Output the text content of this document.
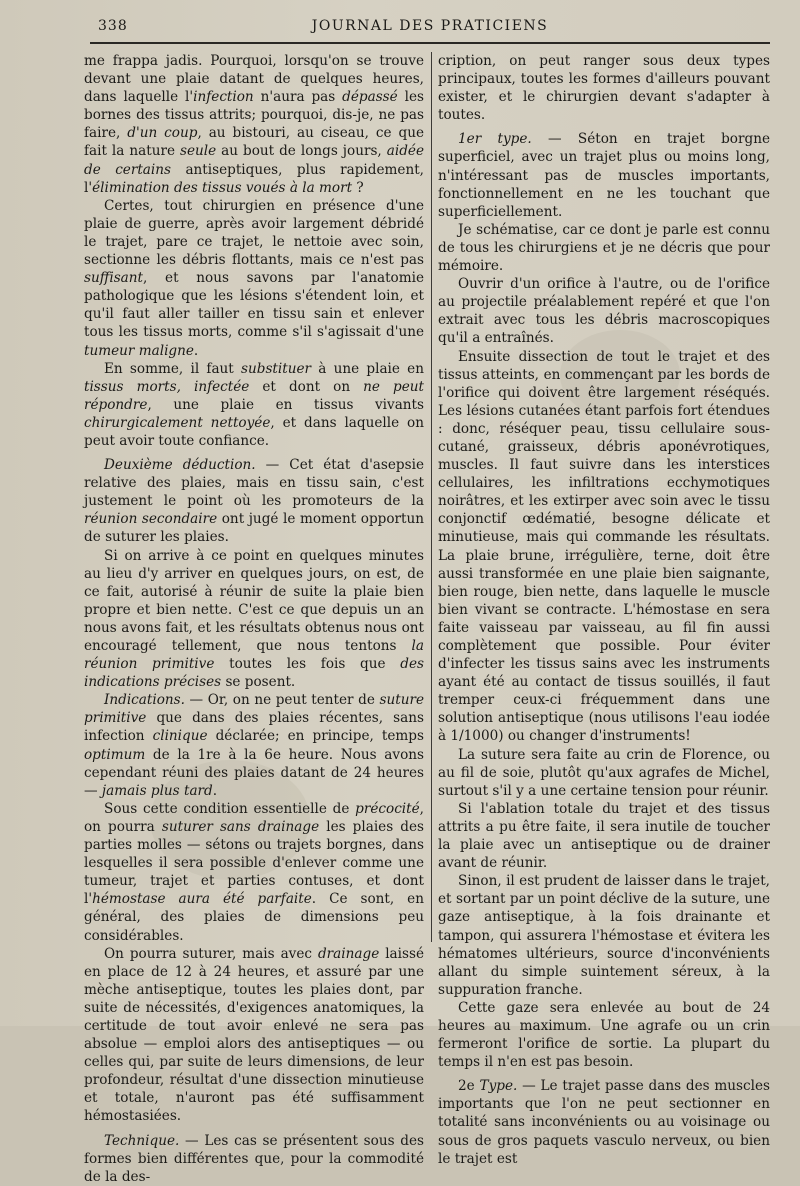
338	JOURNAL DES PRATICIENS

me frappa jadis. Pourquoi, lorsqu'on se trouve devant une plaie datant de quelques heures, dans laquelle l'infection n'aura pas dépassé les bornes des tissus attrits; pourquoi, dis-je, ne pas faire, d'un coup, au bistouri, au ciseau, ce que fait la nature seule au bout de longs jours, aidée de certains antiseptiques, plus rapidement, l'élimination des tissus voués à la mort ?

Certes, tout chirurgien en présence d'une plaie de guerre, après avoir largement débridé le trajet, pare ce trajet, le nettoie avec soin, sectionne les débris flottants, mais ce n'est pas suffisant, et nous savons par l'anatomie pathologique que les lésions s'étendent loin, et qu'il faut aller tailler en tissu sain et enlever tous les tissus morts, comme s'il s'agissait d'une tumeur maligne.

En somme, il faut substituer à une plaie en tissus morts, infectée et dont on ne peut répondre, une plaie en tissus vivants chirurgicalement nettoyée, et dans laquelle on peut avoir toute confiance.

Deuxième déduction. — Cet état d'asepsie relative des plaies, mais en tissu sain, c'est justement le point où les promoteurs de la réunion secondaire ont jugé le moment opportun de suturer les plaies.

Si on arrive à ce point en quelques minutes au lieu d'y arriver en quelques jours, on est, de ce fait, autorisé à réunir de suite la plaie bien propre et bien nette. C'est ce que depuis un an nous avons fait, et les résultats obtenus nous ont encouragé tellement, que nous tentons la réunion primitive toutes les fois que des indications précises se posent.

Indications. — Or, on ne peut tenter de suture primitive que dans des plaies récentes, sans infection clinique déclarée; en principe, temps optimum de la 1re à la 6e heure. Nous avons cependant réuni des plaies datant de 24 heures — jamais plus tard.

Sous cette condition essentielle de précocité, on pourra suturer sans drainage les plaies des parties molles — sétons ou trajets borgnes, dans lesquelles il sera possible d'enlever comme une tumeur, trajet et parties contuses, et dont l'hémostase aura été parfaite. Ce sont, en général, des plaies de dimensions peu considérables.

On pourra suturer, mais avec drainage laissé en place de 12 à 24 heures, et assuré par une mèche antiseptique, toutes les plaies dont, par suite de nécessités, d'exigences anatomiques, la certitude de tout avoir enlevé ne sera pas absolue — emploi alors des antiseptiques — ou celles qui, par suite de leurs dimensions, de leur profondeur, résultat d'une dissection minutieuse et totale, n'auront pas été suffisamment hémostasiées.

Technique. — Les cas se présentent sous des formes bien différentes que, pour la commodité de la des-

cription, on peut ranger sous deux types principaux, toutes les formes d'ailleurs pouvant exister, et le chirurgien devant s'adapter à toutes.

1er type. — Séton en trajet borgne superficiel, avec un trajet plus ou moins long, n'intéressant pas de muscles importants, fonctionnellement en ne les touchant que superficiellement.

Je schématise, car ce dont je parle est connu de tous les chirurgiens et je ne décris que pour mémoire.

Ouvrir d'un orifice à l'autre, ou de l'orifice au projectile préalablement repéré et que l'on extrait avec tous les débris macroscopiques qu'il a entraînés.

Ensuite dissection de tout le trajet et des tissus atteints, en commençant par les bords de l'orifice qui doivent être largement réséqués. Les lésions cutanées étant parfois fort étendues : donc, réséquer peau, tissu cellulaire sous-cutané, graisseux, débris aponévrotiques, muscles. Il faut suivre dans les interstices cellulaires, les infiltrations ecchymotiques noirâtres, et les extirper avec soin avec le tissu conjonctif œdématié, besogne délicate et minutieuse, mais qui commande les résultats. La plaie brune, irrégulière, terne, doit être aussi transformée en une plaie bien saignante, bien rouge, bien nette, dans laquelle le muscle bien vivant se contracte. L'hémostase en sera faite vaisseau par vaisseau, au fil fin aussi complètement que possible. Pour éviter d'infecter les tissus sains avec les instruments ayant été au contact de tissus souillés, il faut tremper ceux-ci fréquemment dans une solution antiseptique (nous utilisons l'eau iodée à 1/1000) ou changer d'instruments!

La suture sera faite au crin de Florence, ou au fil de soie, plutôt qu'aux agrafes de Michel, surtout s'il y a une certaine tension pour réunir.

Si l'ablation totale du trajet et des tissus attrits a pu être faite, il sera inutile de toucher la plaie avec un antiseptique ou de drainer avant de réunir.

Sinon, il est prudent de laisser dans le trajet, et sortant par un point déclive de la suture, une gaze antiseptique, à la fois drainante et tampon, qui assurera l'hémostase et évitera les hématomes ultérieurs, source d'inconvénients allant du simple suintement séreux, à la suppuration franche.

Cette gaze sera enlevée au bout de 24 heures au maximum. Une agrafe ou un crin fermeront l'orifice de sortie. La plupart du temps il n'en est pas besoin.

2e Type. — Le trajet passe dans des muscles importants que l'on ne peut sectionner en totalité sans inconvénients ou au voisinage ou sous de gros paquets vasculo nerveux, ou bien le trajet est
